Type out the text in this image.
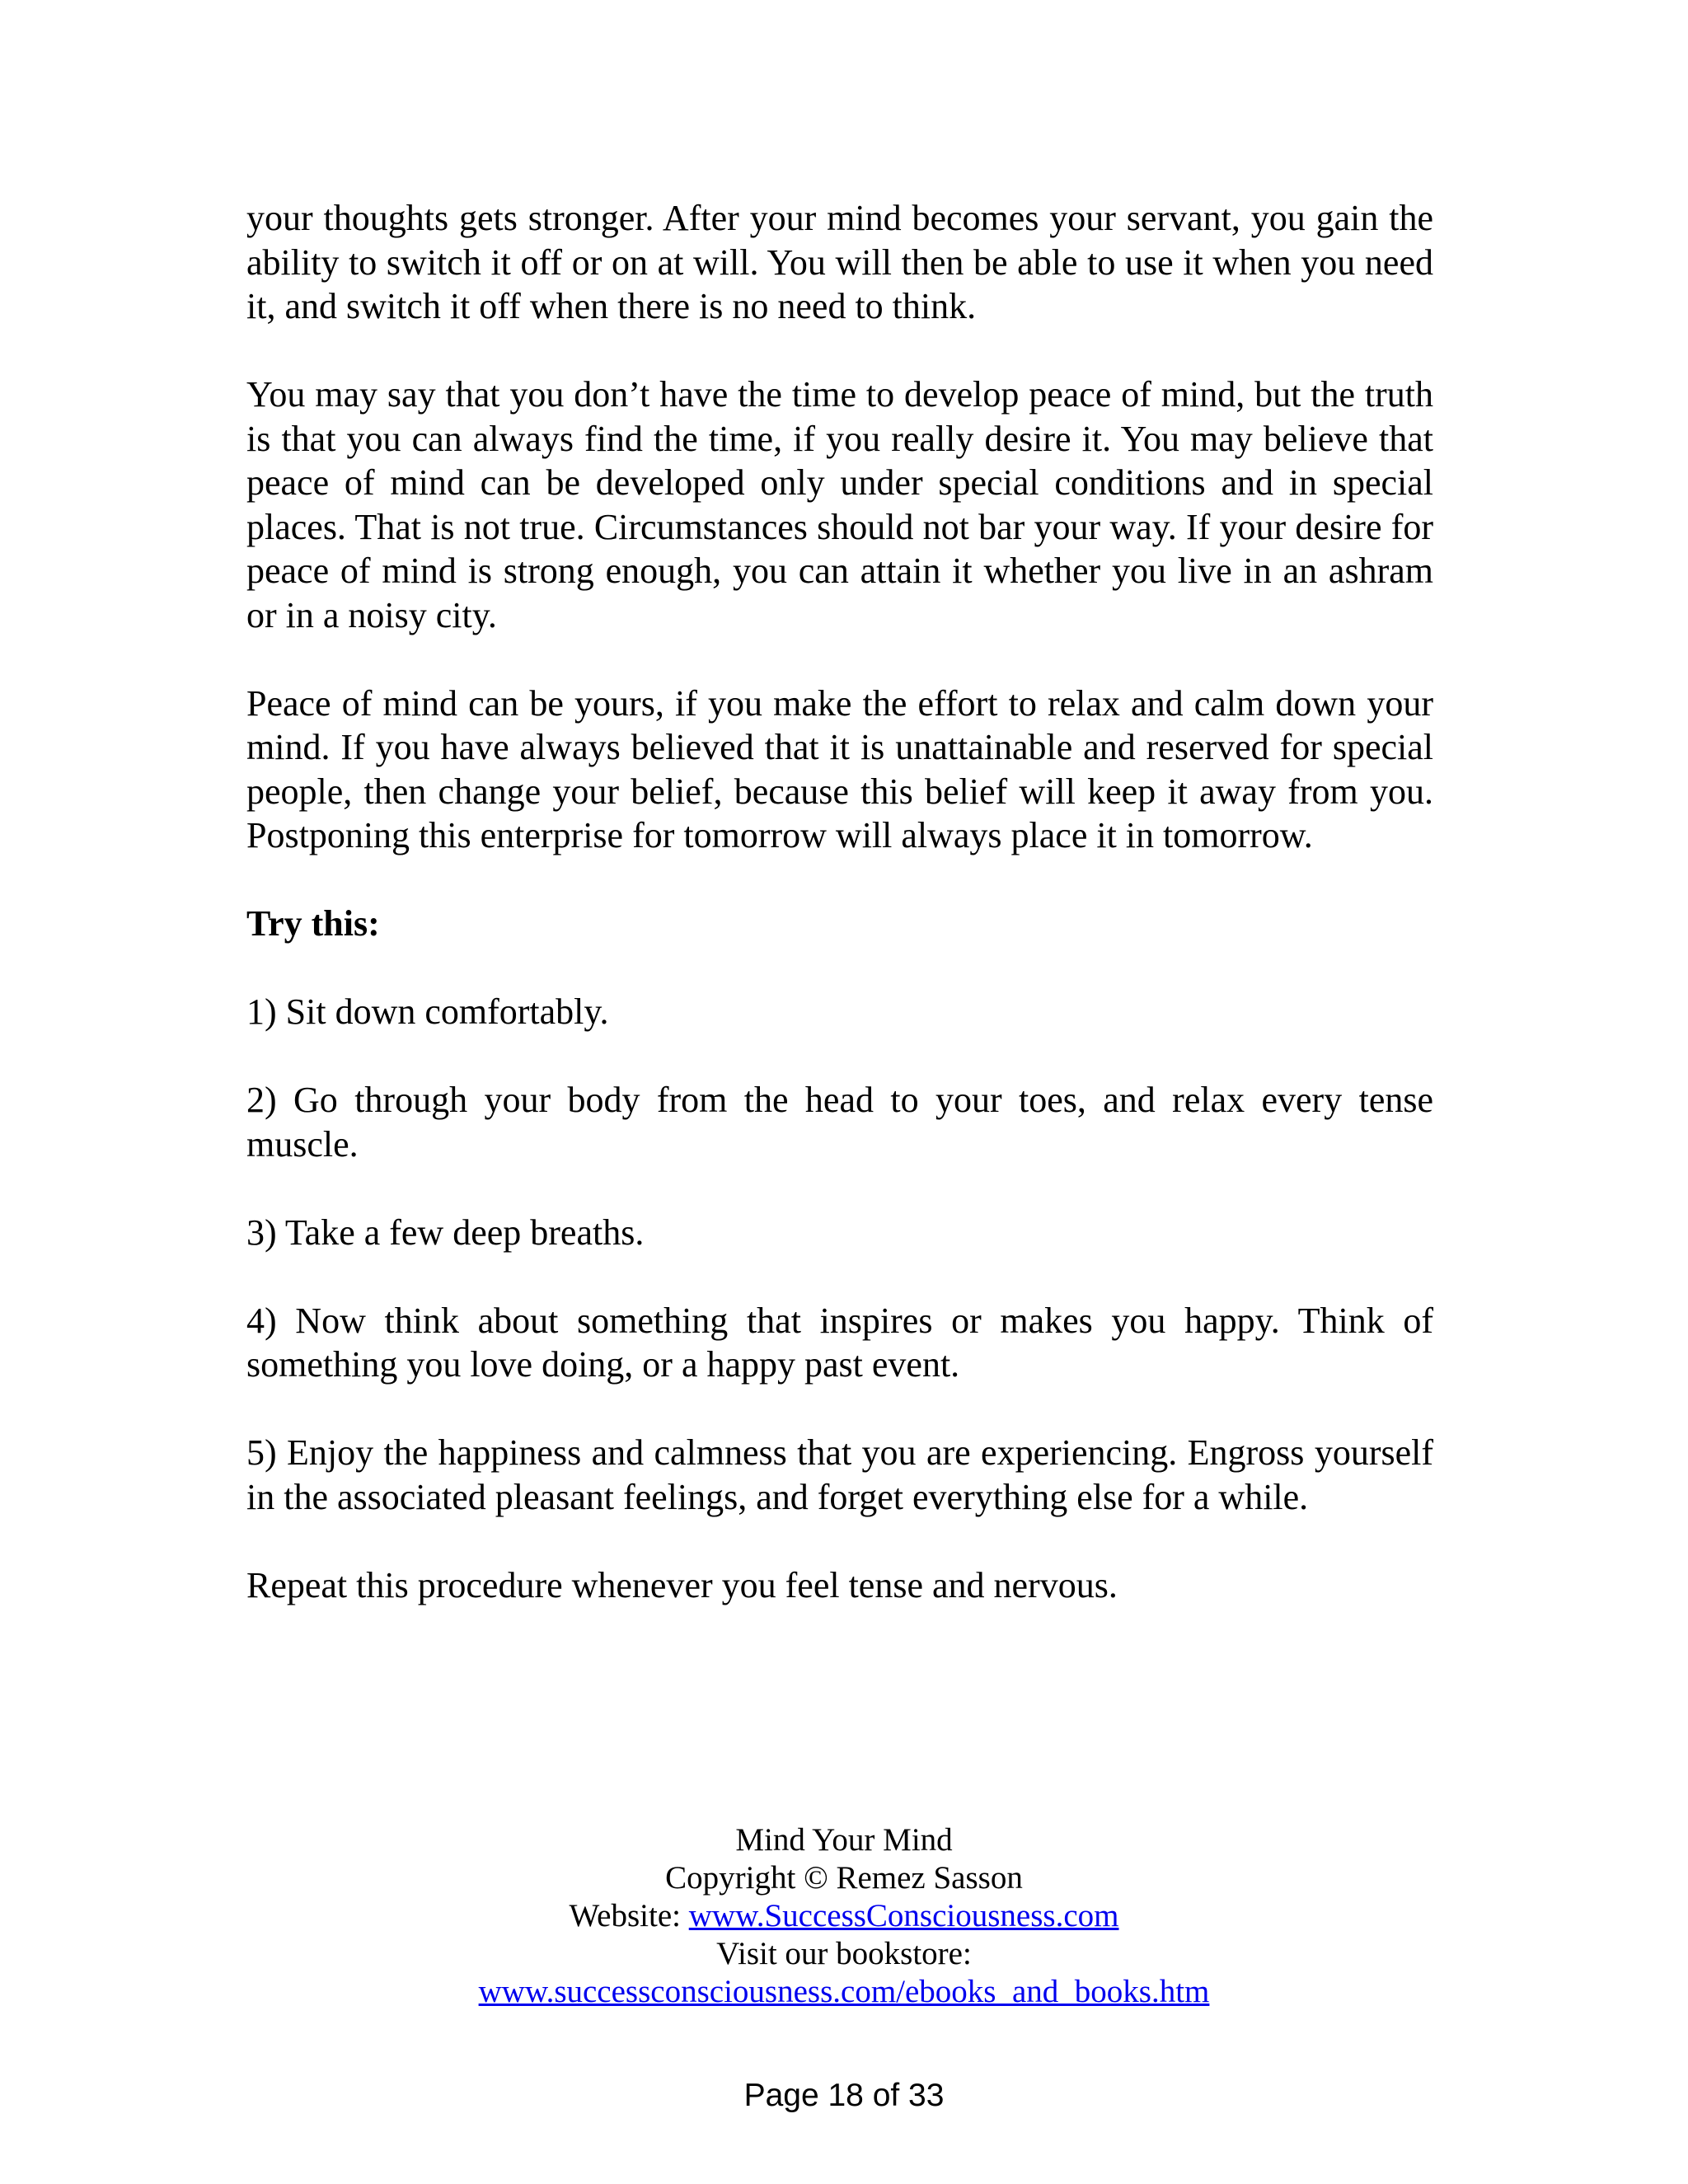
your thoughts gets stronger. After your mind becomes your servant, you gain the ability to switch it off or on at will. You will then be able to use it when you need it, and switch it off when there is no need to think.

You may say that you don’t have the time to develop peace of mind, but the truth is that you can always find the time, if you really desire it. You may believe that peace of mind can be developed only under special conditions and in special places. That is not true. Circumstances should not bar your way. If your desire for peace of mind is strong enough, you can attain it whether you live in an ashram or in a noisy city.

Peace of mind can be yours, if you make the effort to relax and calm down your mind. If you have always believed that it is unattainable and reserved for special people, then change your belief, because this belief will keep it away from you. Postponing this enterprise for tomorrow will always place it in tomorrow.

Try this:

1) Sit down comfortably.

2) Go through your body from the head to your toes, and relax every tense muscle.

3) Take a few deep breaths.

4) Now think about something that inspires or makes you happy. Think of something you love doing, or a happy past event.

5) Enjoy the happiness and calmness that you are experiencing. Engross yourself in the associated pleasant feelings, and forget everything else for a while.

Repeat this procedure whenever you feel tense and nervous.

Mind Your Mind
Copyright © Remez Sasson
Website: www.SuccessConsciousness.com
Visit our bookstore:
www.successconsciousness.com/ebooks_and_books.htm
Page 18 of 33
